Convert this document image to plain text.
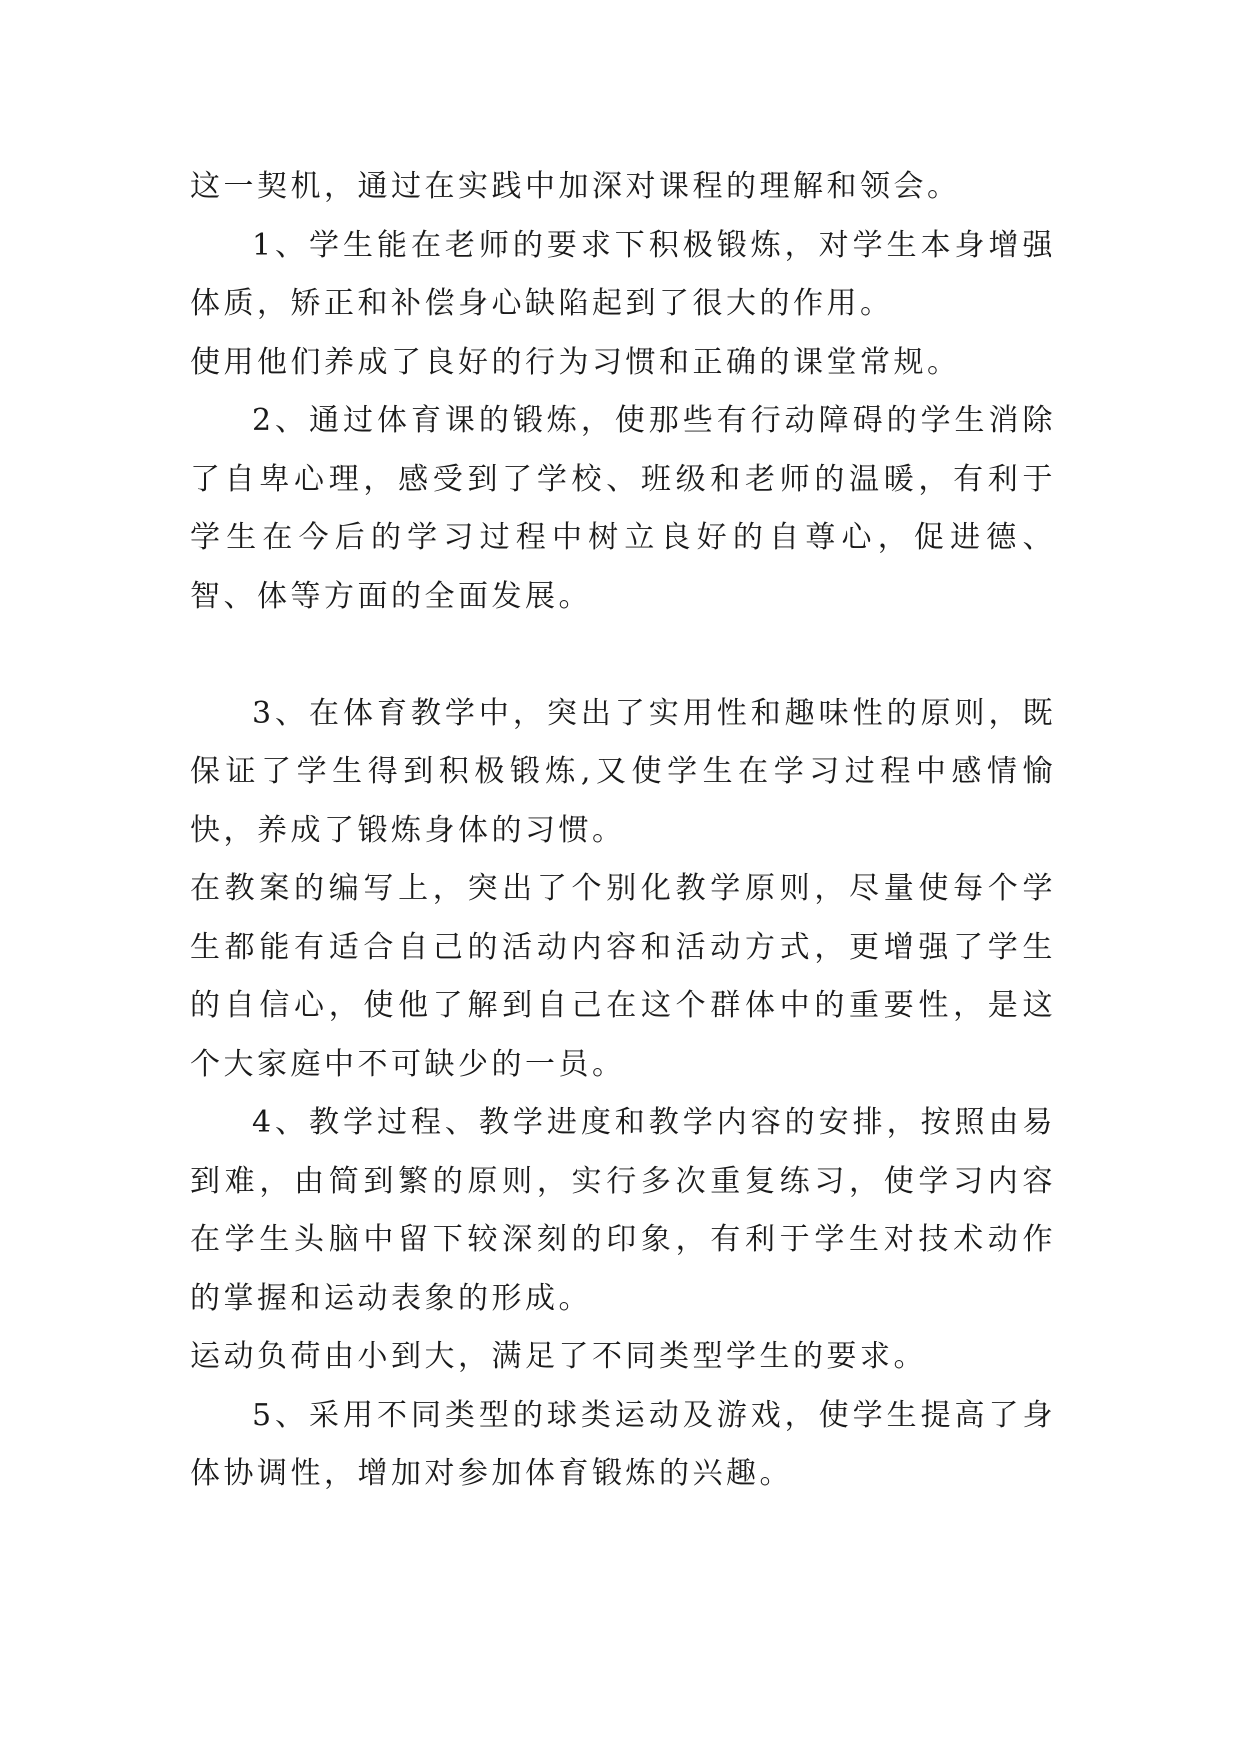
这一契机，通过在实践中加深对课程的理解和领会。

1、学生能在老师的要求下积极锻炼，对学生本身增强体质，矫正和补偿身心缺陷起到了很大的作用。

使用他们养成了良好的行为习惯和正确的课堂常规。

2、通过体育课的锻炼，使那些有行动障碍的学生消除了自卑心理，感受到了学校、班级和老师的温暖，有利于学生在今后的学习过程中树立良好的自尊心，促进德、智、体等方面的全面发展。

3、在体育教学中，突出了实用性和趣味性的原则，既保证了学生得到积极锻炼,又使学生在学习过程中感情愉快，养成了锻炼身体的习惯。

在教案的编写上，突出了个别化教学原则，尽量使每个学生都能有适合自己的活动内容和活动方式，更增强了学生的自信心，使他了解到自己在这个群体中的重要性，是这个大家庭中不可缺少的一员。

4、教学过程、教学进度和教学内容的安排，按照由易到难，由简到繁的原则，实行多次重复练习，使学习内容在学生头脑中留下较深刻的印象，有利于学生对技术动作的掌握和运动表象的形成。

运动负荷由小到大，满足了不同类型学生的要求。

5、采用不同类型的球类运动及游戏，使学生提高了身体协调性，增加对参加体育锻炼的兴趣。
